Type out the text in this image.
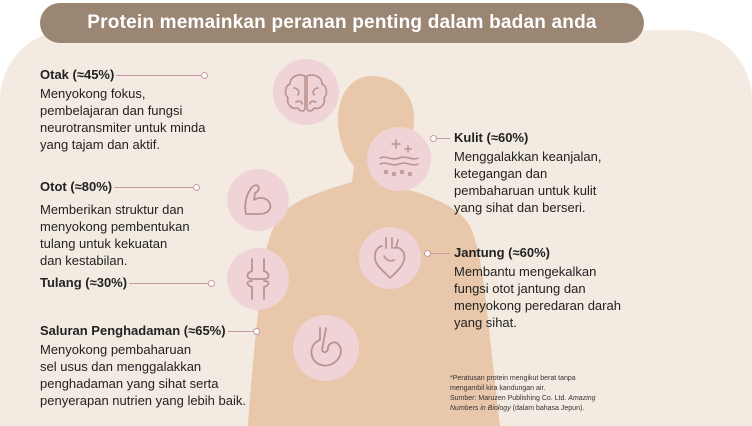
Protein memainkan peranan penting dalam badan anda
Otak (≈45%)
Menyokong fokus,
pembelajaran dan fungsi
neurotransmiter untuk minda
yang tajam dan aktif.
Otot (≈80%)
Memberikan struktur dan
menyokong pembentukan
tulang untuk kekuatan
dan kestabilan.
Tulang (≈30%)
Saluran Penghadaman (≈65%)
Menyokong pembaharuan
sel usus dan menggalakkan
penghadaman yang sihat serta
penyerapan nutrien yang lebih baik.
Kulit (≈60%)
Menggalakkan keanjalan,
ketegangan dan
pembaharuan untuk kulit
yang sihat dan berseri.
Jantung (≈60%)
Membantu mengekalkan
fungsi otot jantung dan
menyokong peredaran darah
yang sihat.
*Peratusan protein mengikut berat tanpa
mengambil kira kandungan air.
Sumber: Maruzen Publishing Co. Ltd. Amazing
Numbers in Biology (dalam bahasa Jepun).
